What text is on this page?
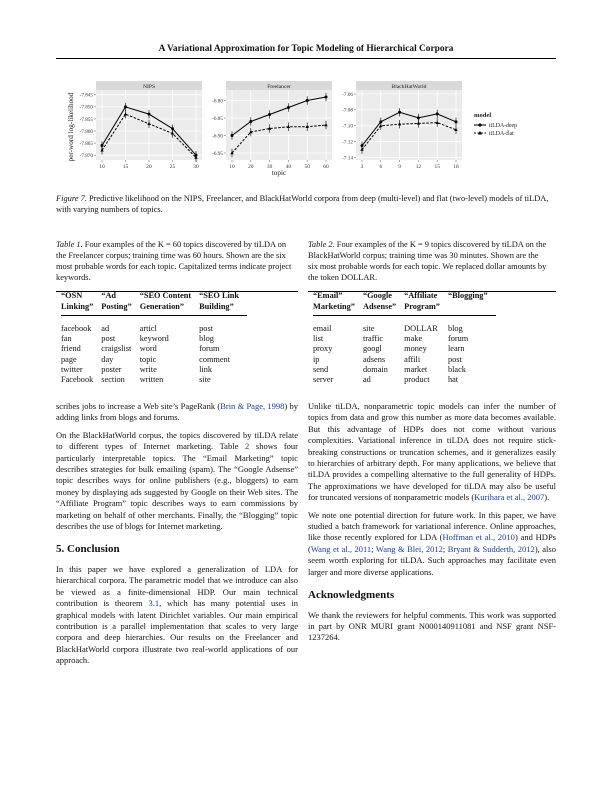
A Variational Approximation for Topic Modeling of Hierarchical Corpora
per-word log-likelihood
topic
NIPS
-7.845
-7.850
-7.855
-7.860
-7.865
-7.870
10	15	20	25	30
Freelancer
-6.80
-6.85
-6.90
-6.95
10 20 30 40 50 60
BlackHatWorld
-7.06
-7.08
-7.10
-7.12
-7.14
3	6	9	12 15 18
model
tiLDA-deep
tiLDA-flat
Figure 7. Predictive likelihood on the NIPS, Freelancer, and BlackHatWorld corpora from deep (multi-level) and flat (two-level) models of tiLDA, with varying numbers of topics.
Table 1. Four examples of the K = 60 topics discovered by tiLDA on the Freelancer corpus; training time was 60 hours. Shown are the six most probable words for each topic. Capitalized terms indicate project keywords.
Table 2. Four examples of the K = 9 topics discovered by tiLDA on the BlackHatWorld corpus; training time was 30 minutes. Shown are the six most probable words for each topic. We replaced dollar amounts by the token DOLLAR.
“OSN
Linking”	“Ad
Posting”	“SEO Content
Generation”	“SEO Link
Building”
facebook	ad	articl	post
fan	post	keyword	blog
friend	craigslist	word	forum
page	day	topic	comment
twitter	poster	write	link
Facebook	section	written	site
“Email”
Marketing”	“Google
Adsense”	“Affiliate
Program”	“Blogging”

email	site	DOLLAR	blog
list	traffic	make	forum
proxy	googl	money	learn
ip	adsens	affili	post
send	domain	market	black
server	ad	product	hat

scribes jobs to increase a Web site’s PageRank (Brin & Page, 1998) by adding links from blogs and forums.

On the BlackHatWorld corpus, the topics discovered by tiLDA relate to different types of Internet marketing. Table 2 shows four particularly interpretable topics. The “Email Marketing” topic describes strategies for bulk emailing (spam). The “Google Adsense” topic describes ways for online publishers (e.g., bloggers) to earn money by displaying ads suggested by Google on their Web sites. The “Affiliate Program” topic describes ways to earn commissions by marketing on behalf of other merchants. Finally, the “Blogging” topic describes the use of blogs for Internet marketing.

5. Conclusion

In this paper we have explored a generalization of LDA for hierarchical corpora. The parametric model that we introduce can also be viewed as a finite-dimensional HDP. Our main technical contribution is theorem 3.1, which has many potential uses in graphical models with latent Dirichlet variables. Our main empirical contribution is a parallel implementation that scales to very large corpora and deep hierarchies. Our results on the Freelancer and BlackHatWorld corpora illustrate two real-world applications of our approach.

Unlike tiLDA, nonparametric topic models can infer the number of topics from data and grow this number as more data becomes available. But this advantage of HDPs does not come without various complexities. Variational inference in tiLDA does not require stick-breaking constructions or truncation schemes, and it generalizes easily to hierarchies of arbitrary depth. For many applications, we believe that tiLDA provides a compelling alternative to the full generality of HDPs. The approximations we have developed for tiLDA may also be useful for truncated versions of nonparametric models (Kurihara et al., 2007).

We note one potential direction for future work. In this paper, we have studied a batch framework for variational inference. Online approaches, like those recently explored for LDA (Hoffman et al., 2010) and HDPs (Wang et al., 2011; Wang & Blei, 2012; Bryant & Sudderth, 2012), also seem worth exploring for tiLDA. Such approaches may facilitate even larger and more diverse applications.

Acknowledgments

We thank the reviewers for helpful comments. This work was supported in part by ONR MURI grant N000140911081 and NSF grant NSF-1237264.
